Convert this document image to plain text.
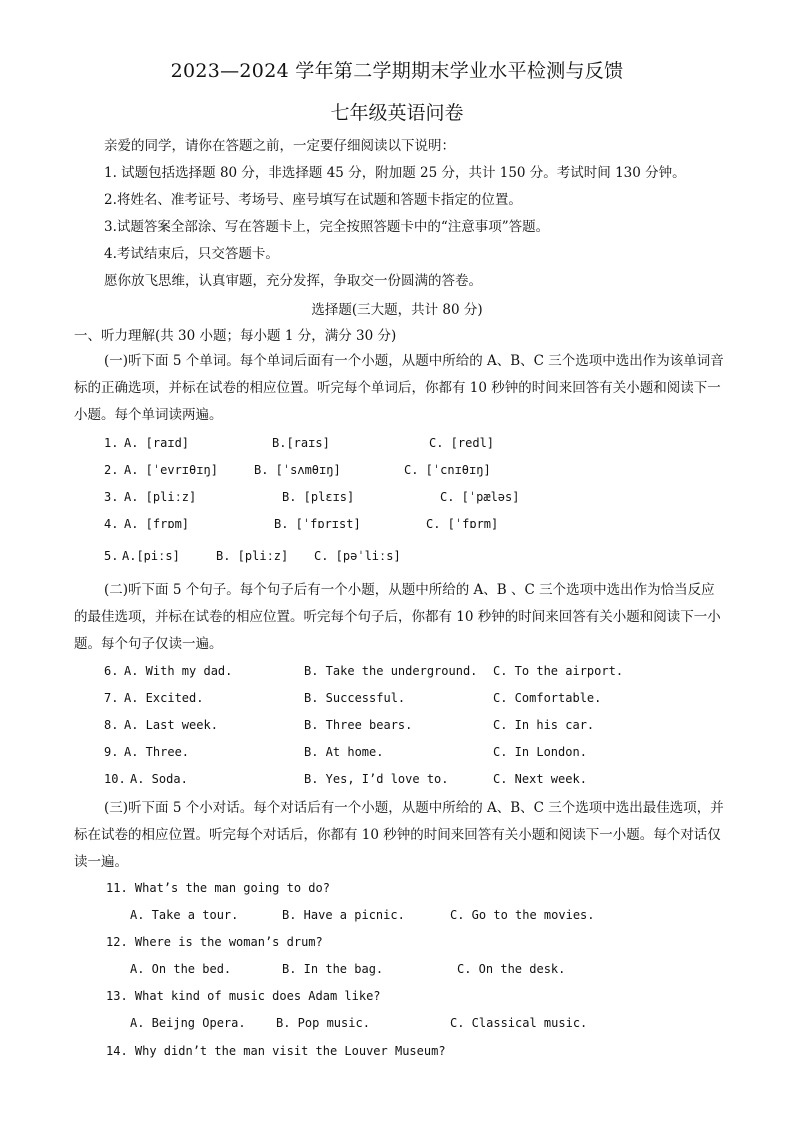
2023—2024 学年第二学期期末学业水平检测与反馈
七年级英语问卷
亲爱的同学，请你在答题之前，一定要仔细阅读以下说明：
1. 试题包括选择题 80 分，非选择题 45 分，附加题 25 分，共计 150 分。考试时间 130 分钟。
2.将姓名、准考证号、考场号、座号填写在试题和答题卡指定的位置。
3.试题答案全部涂、写在答题卡上，完全按照答题卡中的“注意事项”答题。
4.考试结束后，只交答题卡。
愿你放飞思维，认真审题，充分发挥，争取交一份圆满的答卷。
选择题(三大题，共计 80 分)
一、听力理解(共 30 小题；每小题 1 分，满分 30 分)
(一)听下面 5 个单词。每个单词后面有一个小题，从题中所给的 A、B、C 三个选项中选出作为该单词音标的正确选项，并标在试卷的相应位置。听完每个单词后，你都有 10 秒钟的时间来回答有关小题和阅读下一小题。每个单词读两遍。
1. A. [raɪd]	B.[raɪs]	C. [redl]
2. A. [ˈevrɪθɪŋ]	B. [ˈsʌmθɪŋ]	C. [ˈcnɪθɪŋ]
3. A. [pliːz]	B. [plɛɪs]	C. [ˈpæləs]
4. A. [frɒm]	B. [ˈfɒrɪst]	C. [ˈfɒrm]
5. A.[piːs]	B. [pliːz] C. [pəˈliːs]
(二)听下面 5 个句子。每个句子后有一个小题，从题中所给的 A、B 、C 三个选项中选出作为恰当反应的最佳选项，并标在试卷的相应位置。听完每个句子后，你都有 10 秒钟的时间来回答有关小题和阅读下一小题。每个句子仅读一遍。
6. A. With my dad.	B. Take the underground. C. To the airport.
7. A. Excited.	B. Successful.	C. Comfortable.
8. A. Last week.	B. Three bears.	C. In his car.
9. A. Three.	B. At home.	C. In London.
10. A. Soda.	B. Yes, I’d love to.	C. Next week.
(三)听下面 5 个小对话。每个对话后有一个小题，从题中所给的 A、B、C 三个选项中选出最佳选项，并标在试卷的相应位置。听完每个对话后，你都有 10 秒钟的时间来回答有关小题和阅读下一小题。每个对话仅读一遍。
11. What’s the man going to do?
A. Take a tour.	B. Have a picnic.	C. Go to the movies.
12. Where is the woman’s drum?
A. On the bed.	B. In the bag.	C. On the desk.
13. What kind of music does Adam like?
A. Beijng Opera.	B. Pop music.	C. Classical music.
14. Why didn’t the man visit the Louver Museum?
